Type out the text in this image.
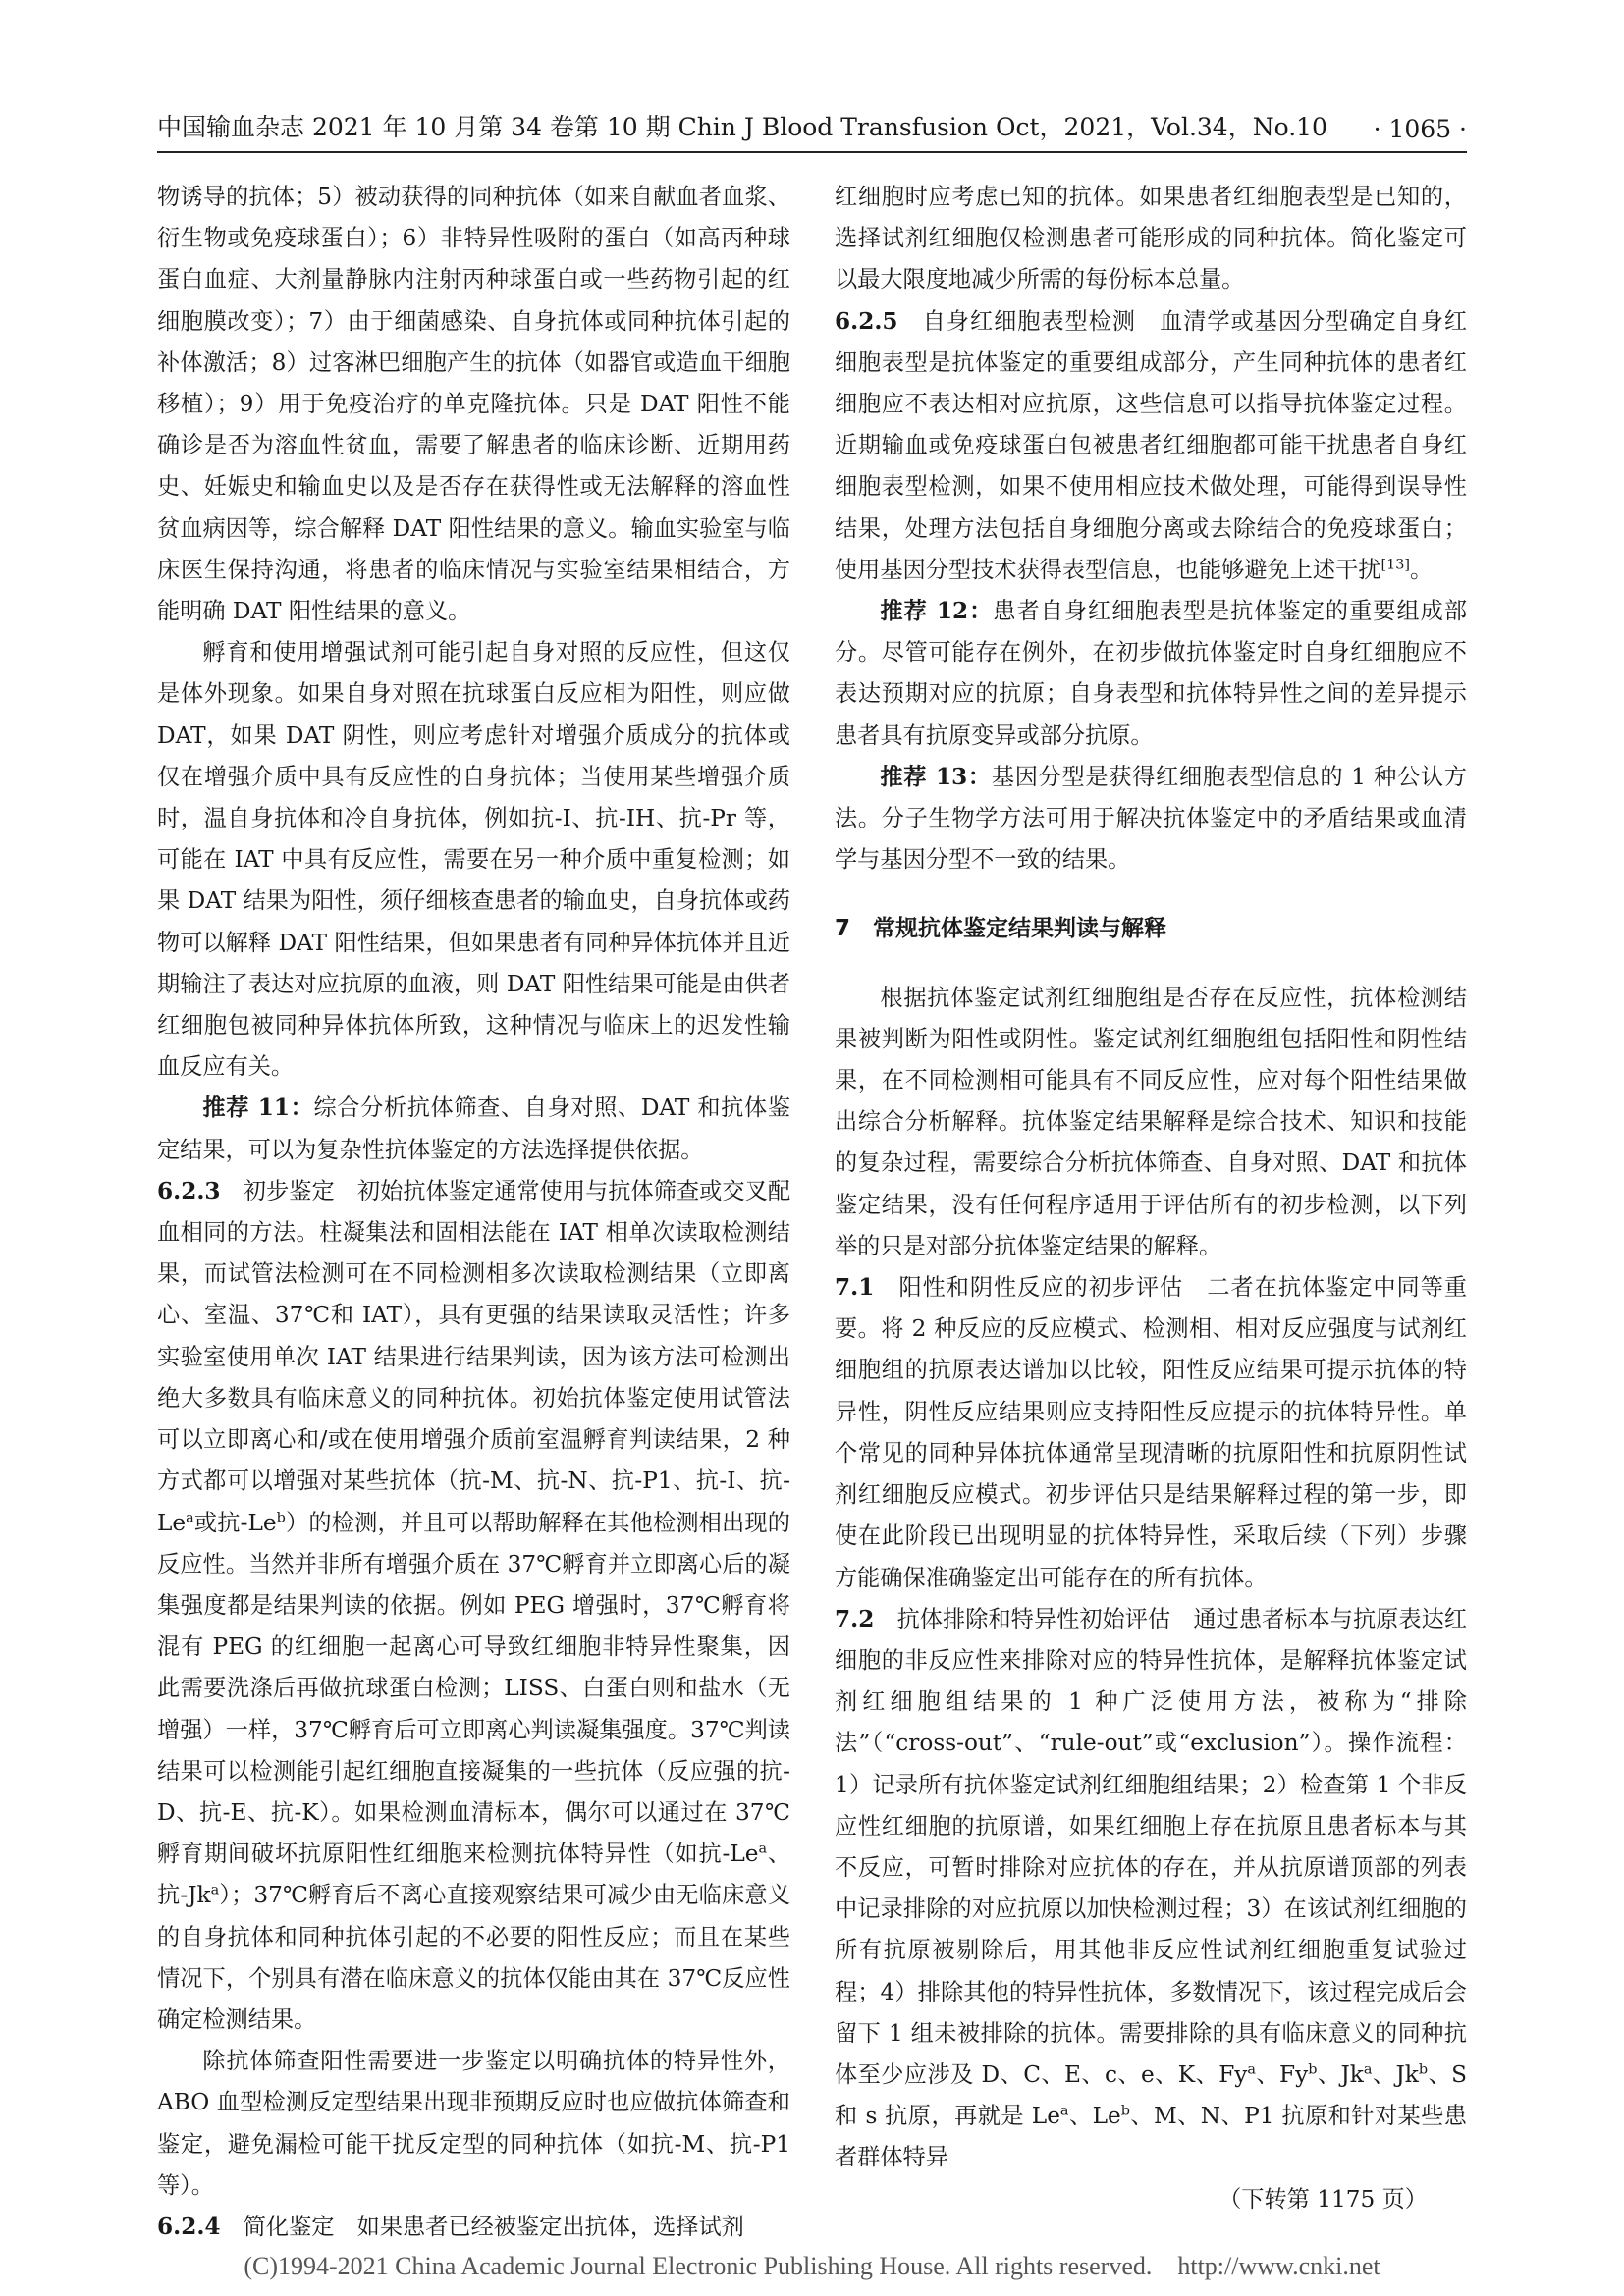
中国输血杂志 2021 年 10 月第 34 卷第 10 期 Chin J Blood Transfusion Oct，2021，Vol.34，No.10 · 1065 ·

物诱导的抗体；5）被动获得的同种抗体（如来自献血者血浆、衍生物或免疫球蛋白）；6）非特异性吸附的蛋白（如高丙种球蛋白血症、大剂量静脉内注射丙种球蛋白或一些药物引起的红细胞膜改变）；7）由于细菌感染、自身抗体或同种抗体引起的补体激活；8）过客淋巴细胞产生的抗体（如器官或造血干细胞移植）；9）用于免疫治疗的单克隆抗体。只是 DAT 阳性不能确诊是否为溶血性贫血，需要了解患者的临床诊断、近期用药史、妊娠史和输血史以及是否存在获得性或无法解释的溶血性贫血病因等，综合解释 DAT 阳性结果的意义。输血实验室与临床医生保持沟通，将患者的临床情况与实验室结果相结合，方能明确 DAT 阳性结果的意义。

孵育和使用增强试剂可能引起自身对照的反应性，但这仅是体外现象。如果自身对照在抗球蛋白反应相为阳性，则应做 DAT，如果 DAT 阴性，则应考虑针对增强介质成分的抗体或仅在增强介质中具有反应性的自身抗体；当使用某些增强介质时，温自身抗体和冷自身抗体，例如抗-I、抗-IH、抗-Pr 等，可能在 IAT 中具有反应性，需要在另一种介质中重复检测；如果 DAT 结果为阳性，须仔细核查患者的输血史，自身抗体或药物可以解释 DAT 阳性结果，但如果患者有同种异体抗体并且近期输注了表达对应抗原的血液，则 DAT 阳性结果可能是由供者红细胞包被同种异体抗体所致，这种情况与临床上的迟发性输血反应有关。

推荐 11：综合分析抗体筛查、自身对照、DAT 和抗体鉴定结果，可以为复杂性抗体鉴定的方法选择提供依据。

6.2.3　 初步鉴定　 初始抗体鉴定通常使用与抗体筛查或交叉配血相同的方法。柱凝集法和固相法能在 IAT 相单次读取检测结果，而试管法检测可在不同检测相多次读取检测结果（立即离心、室温、37℃和 IAT），具有更强的结果读取灵活性；许多实验室使用单次 IAT 结果进行结果判读，因为该方法可检测出绝大多数具有临床意义的同种抗体。初始抗体鉴定使用试管法可以立即离心和/或在使用增强介质前室温孵育判读结果，2 种方式都可以增强对某些抗体（抗-M、抗-N、抗-P1、抗-I、抗-Le$^a$或抗-Le$^b$）的检测，并且可以帮助解释在其他检测相出现的反应性。当然并非所有增强介质在 37℃孵育并立即离心后的凝集强度都是结果判读的依据。例如 PEG 增强时，37℃孵育将混有 PEG 的红细胞一起离心可导致红细胞非特异性聚集，因此需要洗涤后再做抗球蛋白检测；LISS、白蛋白则和盐水（无增强）一样，37℃孵育后可立即离心判读凝集强度。37℃判读结果可以检测能引起红细胞直接凝集的一些抗体（反应强的抗-D、抗-E、抗-K）。如果检测血清标本，偶尔可以通过在 37℃孵育期间破坏抗原阳性红细胞来检测抗体特异性（如抗-Le$^a$、抗-Jk$^a$）；37℃孵育后不离心直接观察结果可减少由无临床意义的自身抗体和同种抗体引起的不必要的阳性反应；而且在某些情况下，个别具有潜在临床意义的抗体仅能由其在 37℃反应性确定检测结果。

除抗体筛查阳性需要进一步鉴定以明确抗体的特异性外，ABO 血型检测反定型结果出现非预期反应时也应做抗体筛查和鉴定，避免漏检可能干扰反定型的同种抗体（如抗-M、抗-P1 等）。

6.2.4　 简化鉴定　 如果患者已经被鉴定出抗体，选择试剂

红细胞时应考虑已知的抗体。如果患者红细胞表型是已知的，选择试剂红细胞仅检测患者可能形成的同种抗体。简化鉴定可以最大限度地减少所需的每份标本总量。

6.2.5　 自身红细胞表型检测　 血清学或基因分型确定自身红细胞表型是抗体鉴定的重要组成部分，产生同种抗体的患者红细胞应不表达相对应抗原，这些信息可以指导抗体鉴定过程。近期输血或免疫球蛋白包被患者红细胞都可能干扰患者自身红细胞表型检测，如果不使用相应技术做处理，可能得到误导性结果，处理方法包括自身细胞分离或去除结合的免疫球蛋白；使用基因分型技术获得表型信息，也能够避免上述干扰[13]。

推荐 12：患者自身红细胞表型是抗体鉴定的重要组成部分。尽管可能存在例外，在初步做抗体鉴定时自身红细胞应不表达预期对应的抗原；自身表型和抗体特异性之间的差异提示患者具有抗原变异或部分抗原。

推荐 13：基因分型是获得红细胞表型信息的 1 种公认方法。分子生物学方法可用于解决抗体鉴定中的矛盾结果或血清学与基因分型不一致的结果。

7　常规抗体鉴定结果判读与解释

根据抗体鉴定试剂红细胞组是否存在反应性，抗体检测结果被判断为阳性或阴性。鉴定试剂红细胞组包括阳性和阴性结果，在不同检测相可能具有不同反应性，应对每个阳性结果做出综合分析解释。抗体鉴定结果解释是综合技术、知识和技能的复杂过程，需要综合分析抗体筛查、自身对照、DAT 和抗体鉴定结果，没有任何程序适用于评估所有的初步检测，以下列举的只是对部分抗体鉴定结果的解释。

7.1　 阳性和阴性反应的初步评估　 二者在抗体鉴定中同等重要。将 2 种反应的反应模式、检测相、相对反应强度与试剂红细胞组的抗原表达谱加以比较，阳性反应结果可提示抗体的特异性，阴性反应结果则应支持阳性反应提示的抗体特异性。单个常见的同种异体抗体通常呈现清晰的抗原阳性和抗原阴性试剂红细胞反应模式。初步评估只是结果解释过程的第一步，即使在此阶段已出现明显的抗体特异性，采取后续（下列）步骤方能确保准确鉴定出可能存在的所有抗体。

7.2　 抗体排除和特异性初始评估　 通过患者标本与抗原表达红细胞的非反应性来排除对应的特异性抗体，是解释抗体鉴定试剂红细胞组结果的 1 种广泛使用方法，被称为“排除法”（“cross-out”、“rule-out”或“exclusion”）。操作流程：1）记录所有抗体鉴定试剂红细胞组结果；2）检查第 1 个非反应性红细胞的抗原谱，如果红细胞上存在抗原且患者标本与其不反应，可暂时排除对应抗体的存在，并从抗原谱顶部的列表中记录排除的对应抗原以加快检测过程；3）在该试剂红细胞的所有抗原被剔除后，用其他非反应性试剂红细胞重复试验过程；4）排除其他的特异性抗体，多数情况下，该过程完成后会留下 1 组未被排除的抗体。需要排除的具有临床意义的同种抗体至少应涉及 D、C、E、c、e、K、Fy$^a$、Fy$^b$、Jk$^a$、Jk$^b$、S 和 s 抗原，再就是 Le$^a$、Le$^b$、M、N、P1 抗原和针对某些患者群体特异

（下转第 1175 页）

(C)1994-2021 China Academic Journal Electronic Publishing House. All rights reserved.　http://www.cnki.net
